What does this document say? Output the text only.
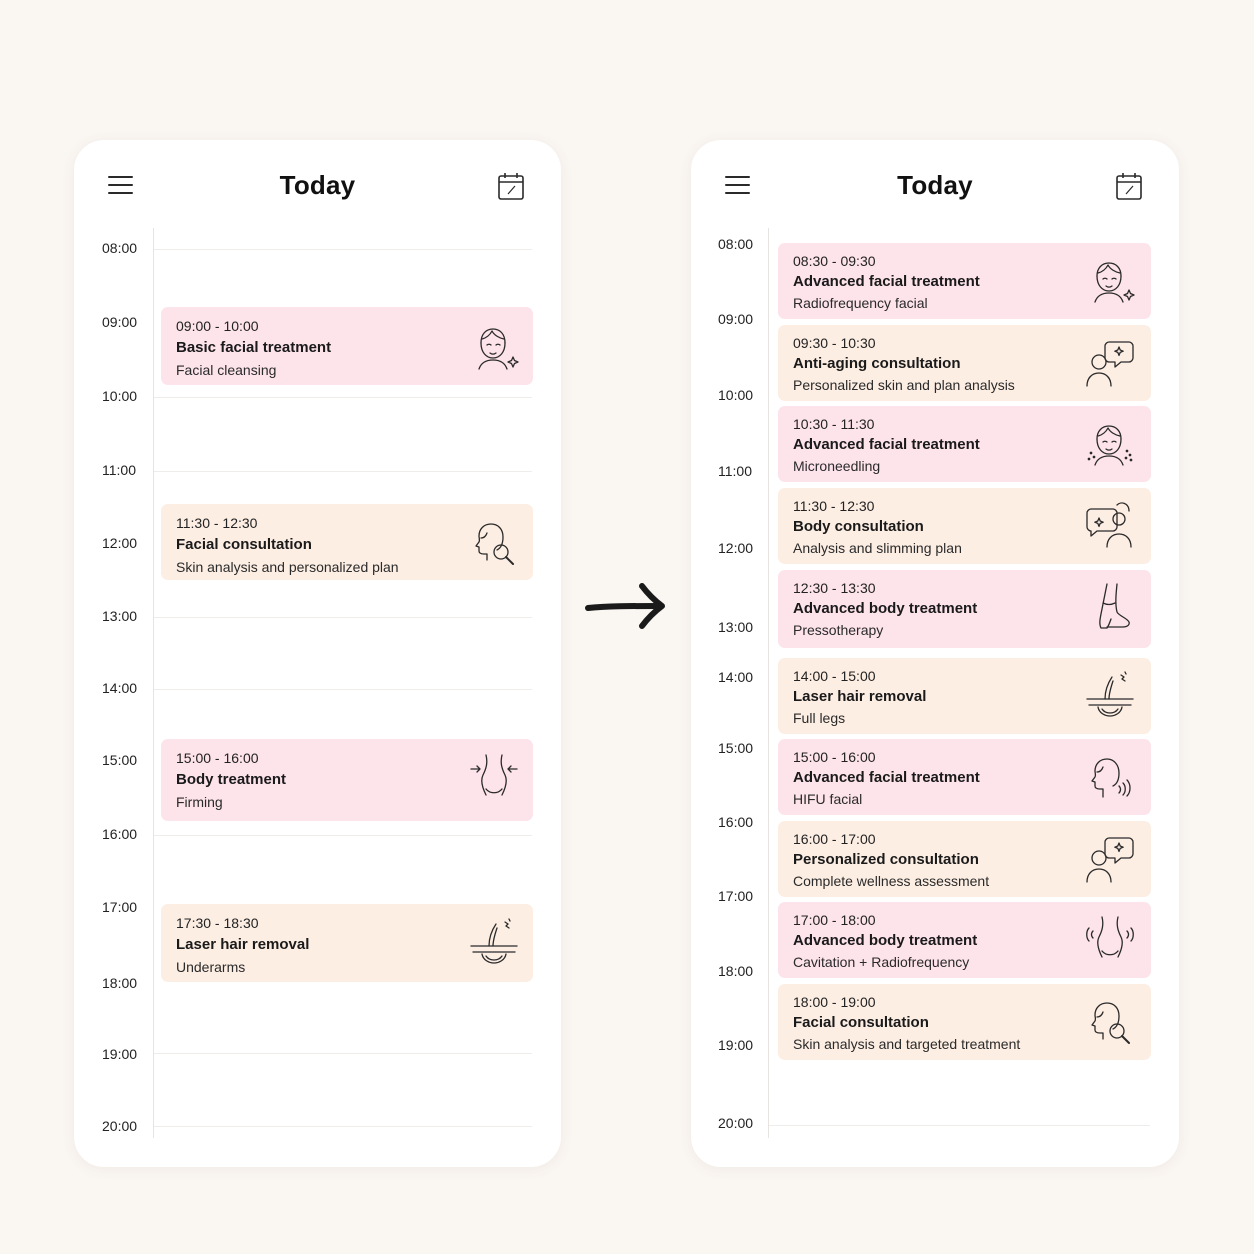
Today
08:00
09:00
10:00
11:00
12:00
13:00
14:00
15:00
16:00
17:00
18:00
19:00
20:00
09:00 - 10:00
Basic facial treatment
Facial cleansing
11:30 - 12:30
Facial consultation
Skin analysis and personalized plan
15:00 - 16:00
Body treatment
Firming
17:30 - 18:30
Laser hair removal
Underarms
Today
08:00
09:00
10:00
11:00
12:00
13:00
14:00
15:00
16:00
17:00
18:00
19:00
20:00
08:30 - 09:30
Advanced facial treatment
Radiofrequency facial
09:30 - 10:30
Anti-aging consultation
Personalized skin and plan analysis
10:30 - 11:30
Advanced facial treatment
Microneedling
11:30 - 12:30
Body consultation
Analysis and slimming plan
12:30 - 13:30
Advanced body treatment
Pressotherapy
14:00 - 15:00
Laser hair removal
Full legs
15:00 - 16:00
Advanced facial treatment
HIFU facial
16:00 - 17:00
Personalized consultation
Complete wellness assessment
17:00 - 18:00
Advanced body treatment
Cavitation + Radiofrequency
18:00 - 19:00
Facial consultation
Skin analysis and targeted treatment
